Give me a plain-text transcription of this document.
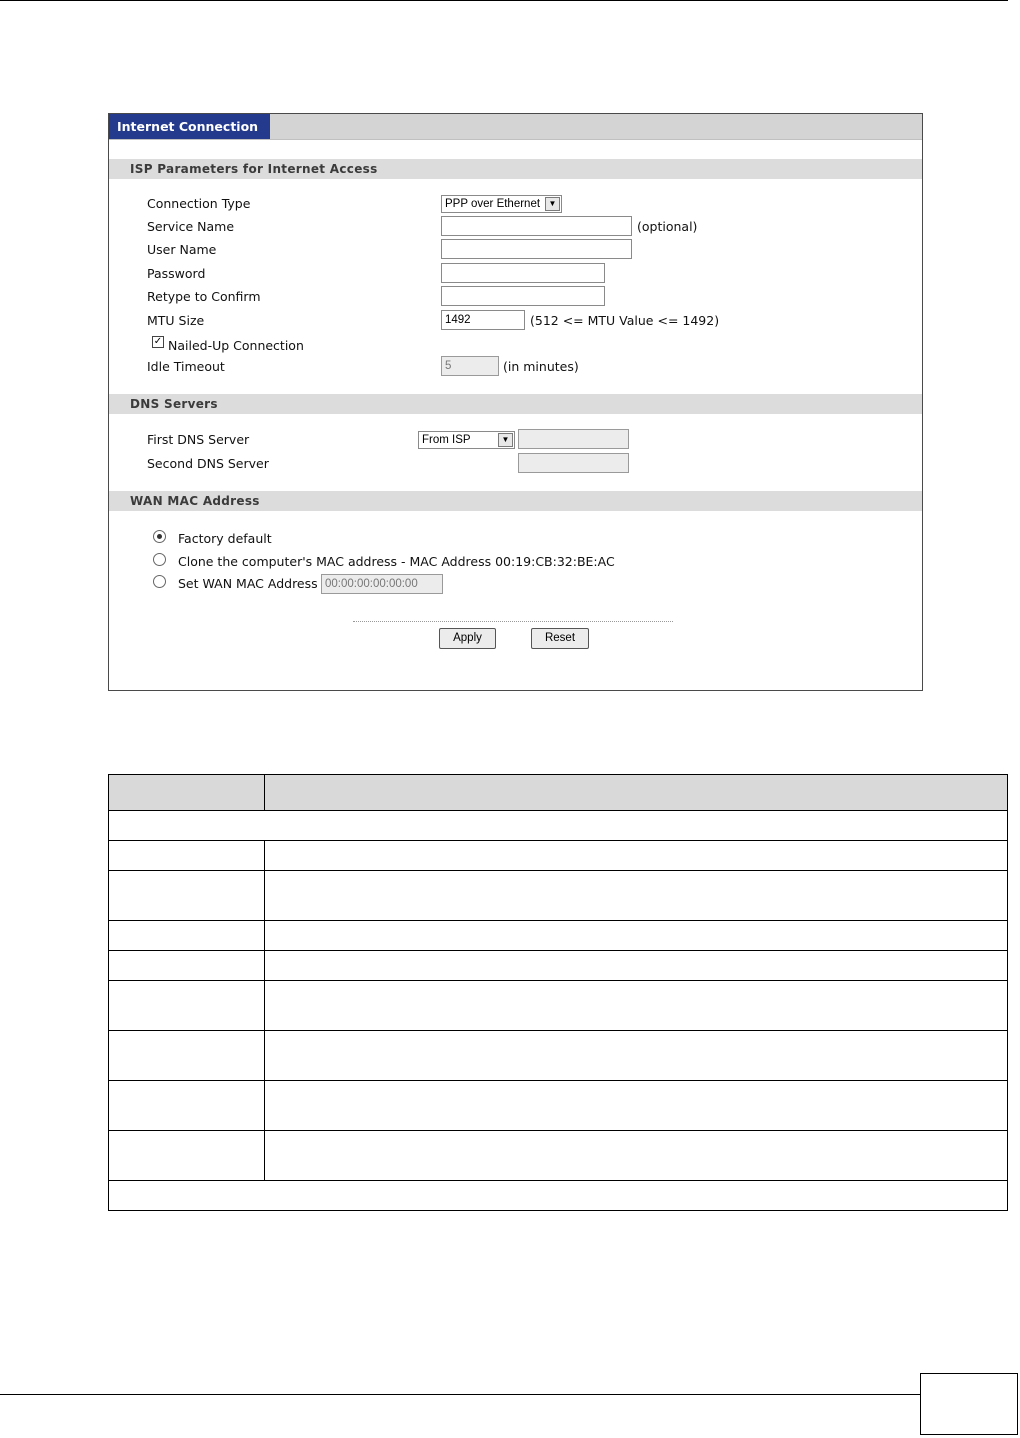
Internet Connection
ISP Parameters for Internet Access
Connection Type	PPP over Ethernet	▼
Service Name	(optional)
User Name
Password
Retype to Confirm
MTU Size	1492	(512 <= MTU Value <= 1492)
✓ Nailed-Up Connection
Idle Timeout	5	(in minutes)
DNS Servers
First DNS Server	From ISP	▼
Second DNS Server
WAN MAC Address
Factory default
Clone the computer's MAC address - MAC Address 00:19:CB:32:BE:AC
Set WAN MAC Address 00:00:00:00:00:00
Apply	Reset
